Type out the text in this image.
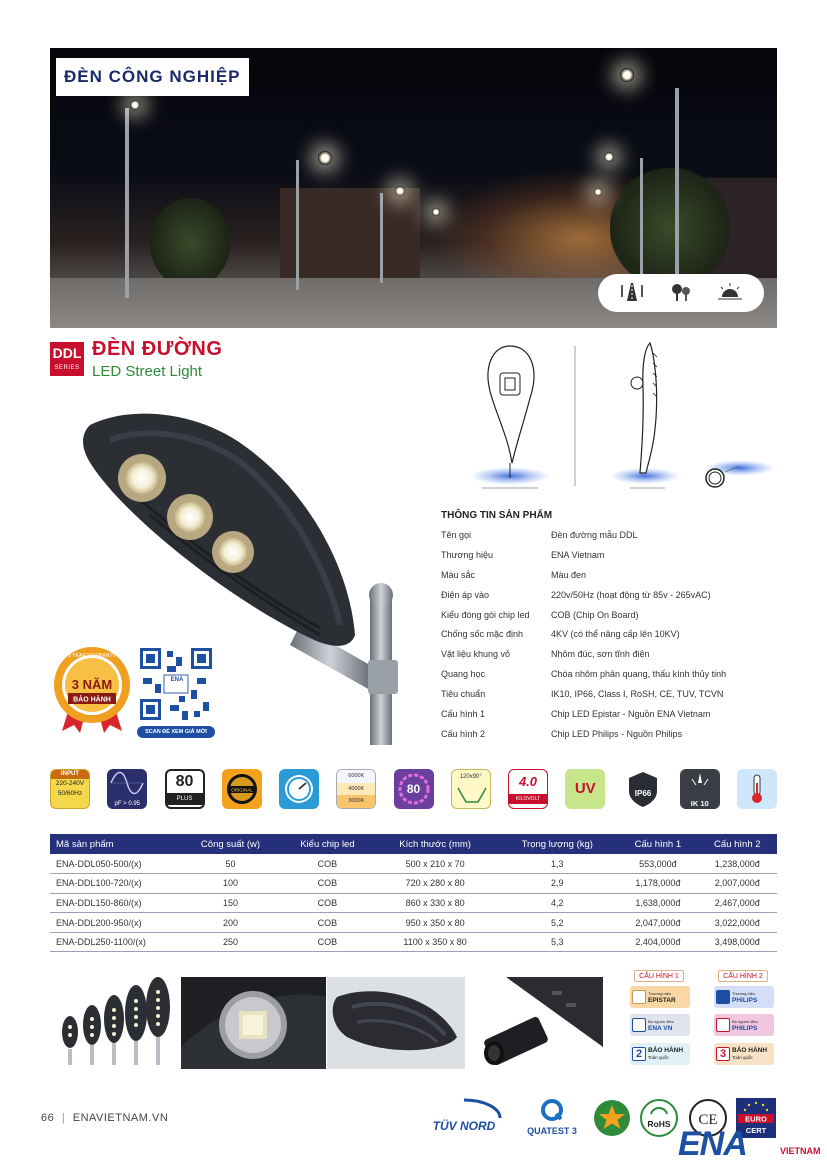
ĐÈN CÔNG NGHIỆP
DDL
SERIES
ĐÈN ĐƯỜNG
LED Street Light
3 YEAR WARRANTY
3 NĂM
BẢO HÀNH
ENA
SCAN ĐỂ XEM GIÁ MỚI
THÔNG TIN SẢN PHẨM
Tên gọi	Đèn đường mẫu DDL
Thương hiệu	ENA Vietnam
Màu sắc	Màu đen
Điện áp vào	220v/50Hz (hoạt động từ 85v - 265vAC)
Kiểu đóng gói chip led	COB (Chip On Board)
Chống sốc mặc định	4KV (có thể nâng cấp lên 10KV)
Vật liệu khung vỏ	Nhôm đúc, sơn tĩnh điện
Quang học	Chóa nhôm phản quang, thấu kính thủy tinh
Tiêu chuẩn	IK10, IP66, Class I, RoSH, CE, TUV, TCVN
Cấu hình 1	Chip LED Epistar - Nguồn ENA Vietnam
Cấu hình 2	Chip LED Philips - Nguồn Philips
INPUT
220-240V
50/60Hz
pF > 0.95
80
PLUS
ORIGINAL
6000K
4000K
3000K
80
120x90°	4.0
KILOVOLT
UV	IP66
IK 10
Mã sản phẩm	Công suất (w)	Kiểu chip led	Kích thước (mm)	Trọng lượng (kg)	Cấu hình 1	Cấu hình 2
ENA-DDL050-500/(x)	50	COB	500 x 210 x 70	1,3	553,000đ	1,238,000đ
ENA-DDL100-720/(x)	100	COB	720 x 280 x 80	2,9	1,178,000đ	2,007,000đ
ENA-DDL150-860/(x)	150	COB	860 x 330 x 80	4,2	1,638,000đ	2,467,000đ
ENA-DDL200-950/(x)	200	COB	950 x 350 x 80	5,2	2,047,000đ	3,022,000đ
ENA-DDL250-1100/(x)	250	COB	1100 x 350 x 80	5,3	2,404,000đ	3,498,000đ
CẤU HÌNH 1	CẤU HÌNH 2
Thương hiệu
EPISTAR
Thương hiệu
PHILIPS
Bộ nguồn điều
ENA VN
Bộ nguồn điều
PHILIPS
2 BẢO HÀNH
Toàn quốc	3 BẢO HÀNH
Toàn quốc
66 | ENAVIETNAM.VN
TÜV NORD	QUATEST 3
RoHS CE	EURO
CERT
ENA	VIETNAM
